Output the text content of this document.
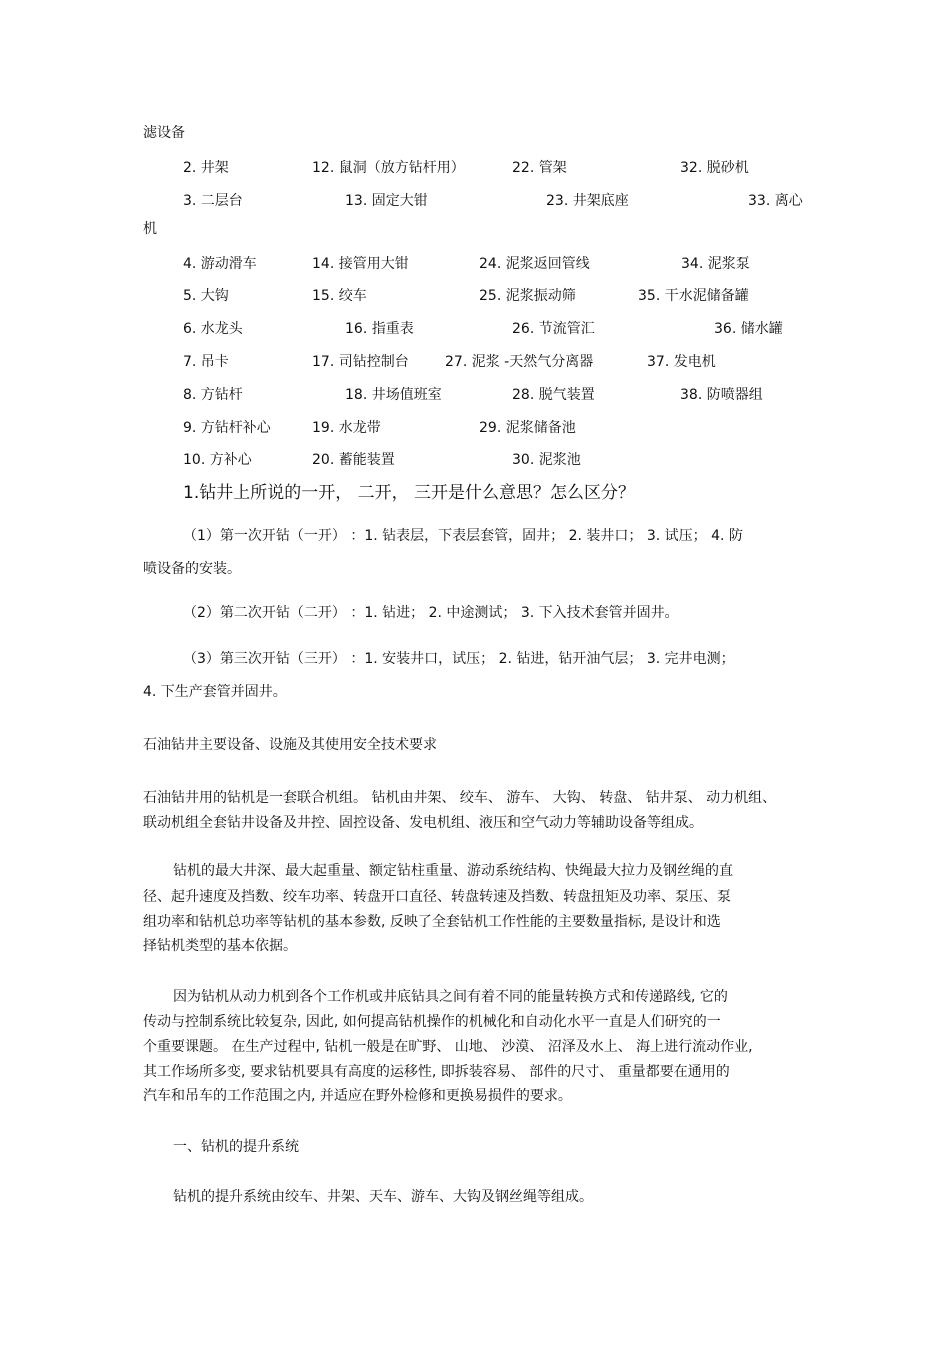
滤设备
2. 井架	12. 鼠洞（放方钻杆用）	22. 管架	32. 脱砂机
3. 二层台	13. 固定大钳	23. 井架底座	33. 离心
机
4. 游动滑车	14. 接管用大钳	24. 泥浆返回管线	34. 泥浆泵
5. 大钩	15. 绞车	25. 泥浆振动筛	35. 干水泥储备罐
6. 水龙头	16. 指重表	26. 节流管汇	36. 储水罐
7. 吊卡	17. 司钻控制台	27. 泥浆 -天然气分离器	37. 发电机
8. 方钻杆	18. 井场值班室	28. 脱气装置	38. 防喷器组
9. 方钻杆补心	19. 水龙带	29. 泥浆储备池
10. 方补心	20. 蓄能装置	30. 泥浆池
1.钻井上所说的一开， 二开， 三开是什么意思？怎么区分？
（1）第一次开钻（一开） ：1. 钻表层，下表层套管，固井； 2. 装井口； 3. 试压； 4. 防
喷设备的安装。
（2）第二次开钻（二开） ：1. 钻进； 2. 中途测试； 3. 下入技术套管并固井。
（3）第三次开钻（三开） ：1. 安装井口，试压； 2. 钻进，钻开油气层； 3. 完井电测；
4. 下生产套管并固井。
石油钻井主要设备、设施及其使用安全技术要求
石油钻井用的钻机是一套联合机组。 钻机由井架、 绞车、 游车、 大钩、 转盘、 钻井泵、 动力机组、
联动机组全套钻井设备及井控、固控设备、发电机组、液压和空气动力等辅助设备等组成。
钻机的最大井深、最大起重量、额定钻柱重量、游动系统结构、快绳最大拉力及钢丝绳的直
径、起升速度及挡数、绞车功率、转盘开口直径、转盘转速及挡数、转盘扭矩及功率、泵压、泵
组功率和钻机总功率等钻机的基本参数, 反映了全套钻机工作性能的主要数量指标, 是设计和选
择钻机类型的基本依据。
因为钻机从动力机到各个工作机或井底钻具之间有着不同的能量转换方式和传递路线, 它的
传动与控制系统比较复杂, 因此, 如何提高钻机操作的机械化和自动化水平一直是人们研究的一
个重要课题。 在生产过程中, 钻机一般是在旷野、 山地、 沙漠、 沼泽及水上、 海上进行流动作业,
其工作场所多变, 要求钻机要具有高度的运移性, 即拆装容易、 部件的尺寸、 重量都要在通用的
汽车和吊车的工作范围之内, 并适应在野外检修和更换易损件的要求。
一、钻机的提升系统
钻机的提升系统由绞车、井架、天车、游车、大钩及钢丝绳等组成。
